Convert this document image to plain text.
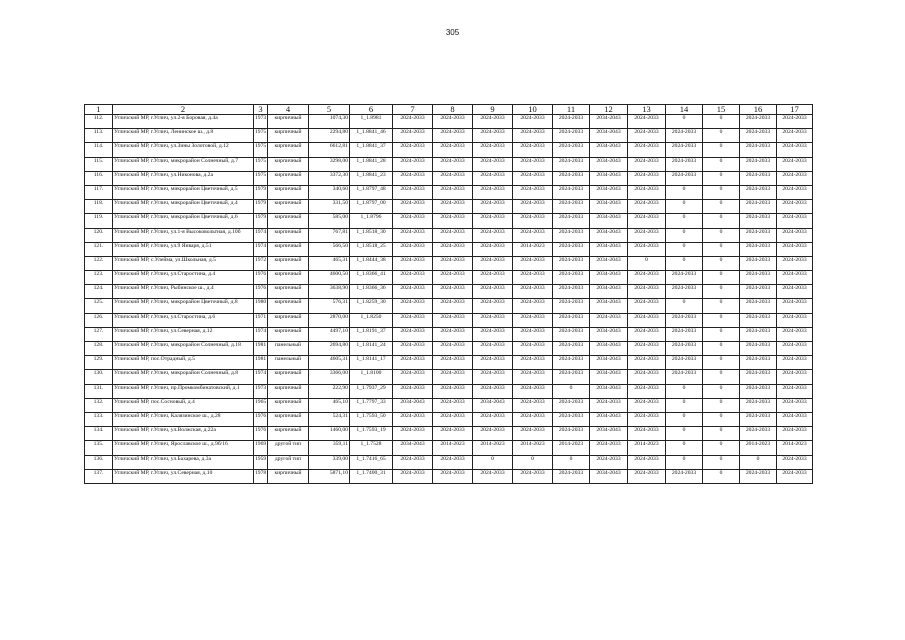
305
1	2	3	4	5	6	7	8	9	10	11	12	13	14	15	16	17
112.	Угличский МР, г.Углич, ул.2-я Боровая, д.4а	1973	кирпичный	1074,30	1_1.8981	2024-2033	2024-2033	2024-2033	2024-2033	2024-2033	2034-2043	2024-2033	0	0	2024-2033	2024-2033
113.	Угличский МР, г.Углич, Ленинское ш., д.8	1975	кирпичный	2294,80	1_1.8841_46	2024-2033	2024-2033	2024-2033	2024-2033	2024-2033	2034-2043	2024-2033	2024-2033	0	2024-2033	2024-2033
114.	Угличский МР, г.Углич, ул.Зины Золотовой, д.12	1975	кирпичный	6612,81	1_1.8841_37	2024-2033	2024-2033	2024-2033	2024-2033	2024-2033	2034-2043	2024-2033	2024-2033	0	2024-2033	2024-2033
115.	Угличский МР, г.Углич, микрорайон Солнечный, д.7	1975	кирпичный	3298,00	1_1.8841_28	2024-2033	2024-2033	2024-2033	2024-2033	2024-2033	2034-2043	2024-2033	2024-2033	0	2024-2033	2024-2033
116.	Угличский МР, г.Углич, ул.Никонова, д.2а	1975	кирпичный	3372,30	1_1.8841_23	2024-2033	2024-2033	2024-2033	2024-2033	2024-2033	2034-2043	2024-2033	2024-2033	0	2024-2033	2024-2033
117.	Угличский МР, г.Углич, микрорайон Цветочный, д.5	1979	кирпичный	340,60	1_1.8797_48	2024-2033	2024-2033	2024-2033	2024-2033	2024-2033	2034-2043	2024-2033	0	0	2024-2033	2024-2033
118.	Угличский МР, г.Углич, микрорайон Цветочный, д.4	1979	кирпичный	331,50	1_1.8797_00	2024-2033	2024-2033	2024-2033	2024-2033	2024-2033	2034-2043	2024-2033	0	0	2024-2033	2024-2033
119.	Угличский МР, г.Углич, микрорайон Цветочный, д.6	1979	кирпичный	585,00	1_1.8796	2024-2033	2024-2033	2024-2033	2024-2033	2024-2033	2034-2043	2024-2033	0	0	2024-2033	2024-2033
120.	Угличский МР, г.Углич, ул.1-я Высоковольтная, д.10б	1974	кирпичный	767,81	1_1.8518_30	2024-2033	2024-2033	2024-2033	2024-2033	2024-2033	2034-2043	2024-2033	0	0	2024-2033	2024-2033
121.	Угличский МР, г.Углич, ул.9 Января, д.51	1974	кирпичный	566,50	1_1.8518_25	2024-2033	2024-2033	2024-2033	2014-2023	2024-2033	2034-2043	2024-2033	0	0	2024-2033	2024-2033
122.	Угличский МР, с.Улейма, ул.Школьная, д.5	1972	кирпичный	465,31	1_1.8444_38	2024-2033	2024-2033	2024-2033	2024-2033	2024-2033	2034-2043	0	0	0	2024-2033	2024-2033
123.	Угличский МР, г.Углич, ул.Старостина, д.4	1976	кирпичный	4600,50	1_1.8366_41	2024-2033	2024-2033	2024-2033	2024-2033	2024-2033	2034-2043	2024-2033	2024-2033	0	2024-2033	2024-2033
124.	Угличский МР, г.Углич, Рыбинское ш., д.4	1976	кирпичный	3638,90	1_1.8366_36	2024-2033	2024-2033	2024-2033	2024-2033	2024-2033	2034-2043	2024-2033	2024-2033	0	2024-2033	2024-2033
125.	Угличский МР, г.Углич, микрорайон Цветочный, д.8	1980	кирпичный	576,31	1_1.8259_30	2024-2033	2024-2033	2024-2033	2024-2033	2024-2033	2034-2043	2024-2033	0	0	2024-2033	2024-2033
126.	Угличский МР, г.Углич, ул.Старостина, д.6	1971	кирпичный	2870,00	1_1.8250	2024-2033	2024-2033	2024-2033	2024-2033	2024-2033	2024-2033	2024-2033	2024-2033	0	2024-2033	2024-2033
127.	Угличский МР, г.Углич, ул.Северная, д.12	1974	кирпичный	4497,10	1_1.8191_37	2024-2033	2024-2033	2024-2033	2024-2033	2024-2033	2034-2043	2024-2033	2024-2033	0	2024-2033	2024-2033
128.	Угличский МР, г.Углич, микрорайон Солнечный, д.18	1981	панельный	2694,80	1_1.8141_24	2024-2033	2024-2033	2024-2033	2024-2033	2024-2033	2034-2043	2024-2033	2024-2033	0	2024-2033	2024-2033
129.	Угличский МР, пос.Отрадный, д.5	1981	панельный	4605,31	1_1.8141_17	2024-2033	2024-2033	2024-2033	2024-2033	2024-2033	2034-2043	2024-2033	2024-2033	0	2024-2033	2024-2033
130.	Угличский МР, г.Углич, микрорайон Солнечный, д.8	1974	кирпичный	3366,00	1_1.8100	2024-2033	2024-2033	2024-2033	2024-2033	2024-2033	2034-2043	2024-2033	2024-2033	0	2024-2033	2024-2033
131.	Угличский МР, г.Углич, пр.Промкомбинатовский, д.1	1973	кирпичный	222,90	1_1.7937_29	2024-2033	2024-2033	2024-2033	2024-2033	0	2034-2043	2024-2033	0	0	2024-2033	2024-2033
132.	Угличский МР, пос.Сосновый, д.4	1965	кирпичный	465,10	1_1.7797_33	2034-2043	2024-2033	2034-2043	2024-2033	2024-2033	2024-2033	2024-2033	0	0	2024-2033	2024-2033
133.	Угличский МР, г.Углич, Калязинское ш., д.28	1976	кирпичный	524,31	1_1.7593_50	2024-2033	2024-2033	2024-2033	2024-2033	2024-2033	2034-2043	2024-2033	0	0	2024-2033	2024-2033
134.	Угличский МР, г.Углич, ул.Волжская, д.22а	1976	кирпичный	1460,00	1_1.7593_19	2024-2033	2024-2033	2024-2033	2024-2033	2024-2033	2034-2043	2024-2033	0	0	2024-2033	2024-2033
135.	Угличский МР, г.Углич, Ярославское ш., д.9б/16	1969	другой тип	359,11	1_1.7528	2034-2043	2014-2023	2014-2023	2014-2023	2014-2023	2024-2033	2014-2023	0	0	2014-2023	2014-2023
136.	Угличский МР, г.Углич, ул.Бахарева, д.3а	1959	другой тип	339,00	1_1.7416_65	2024-2033	2024-2033	0	0	0	2024-2033	2024-2033	0	0	0	2024-2033
137.	Угличский МР, г.Углич, ул.Северная, д.10	1978	кирпичный	5871,10	1_1.7400_31	2024-2033	2024-2033	2024-2033	2024-2033	2024-2033	2034-2043	2024-2033	2024-2033	0	2024-2033	2024-2033
